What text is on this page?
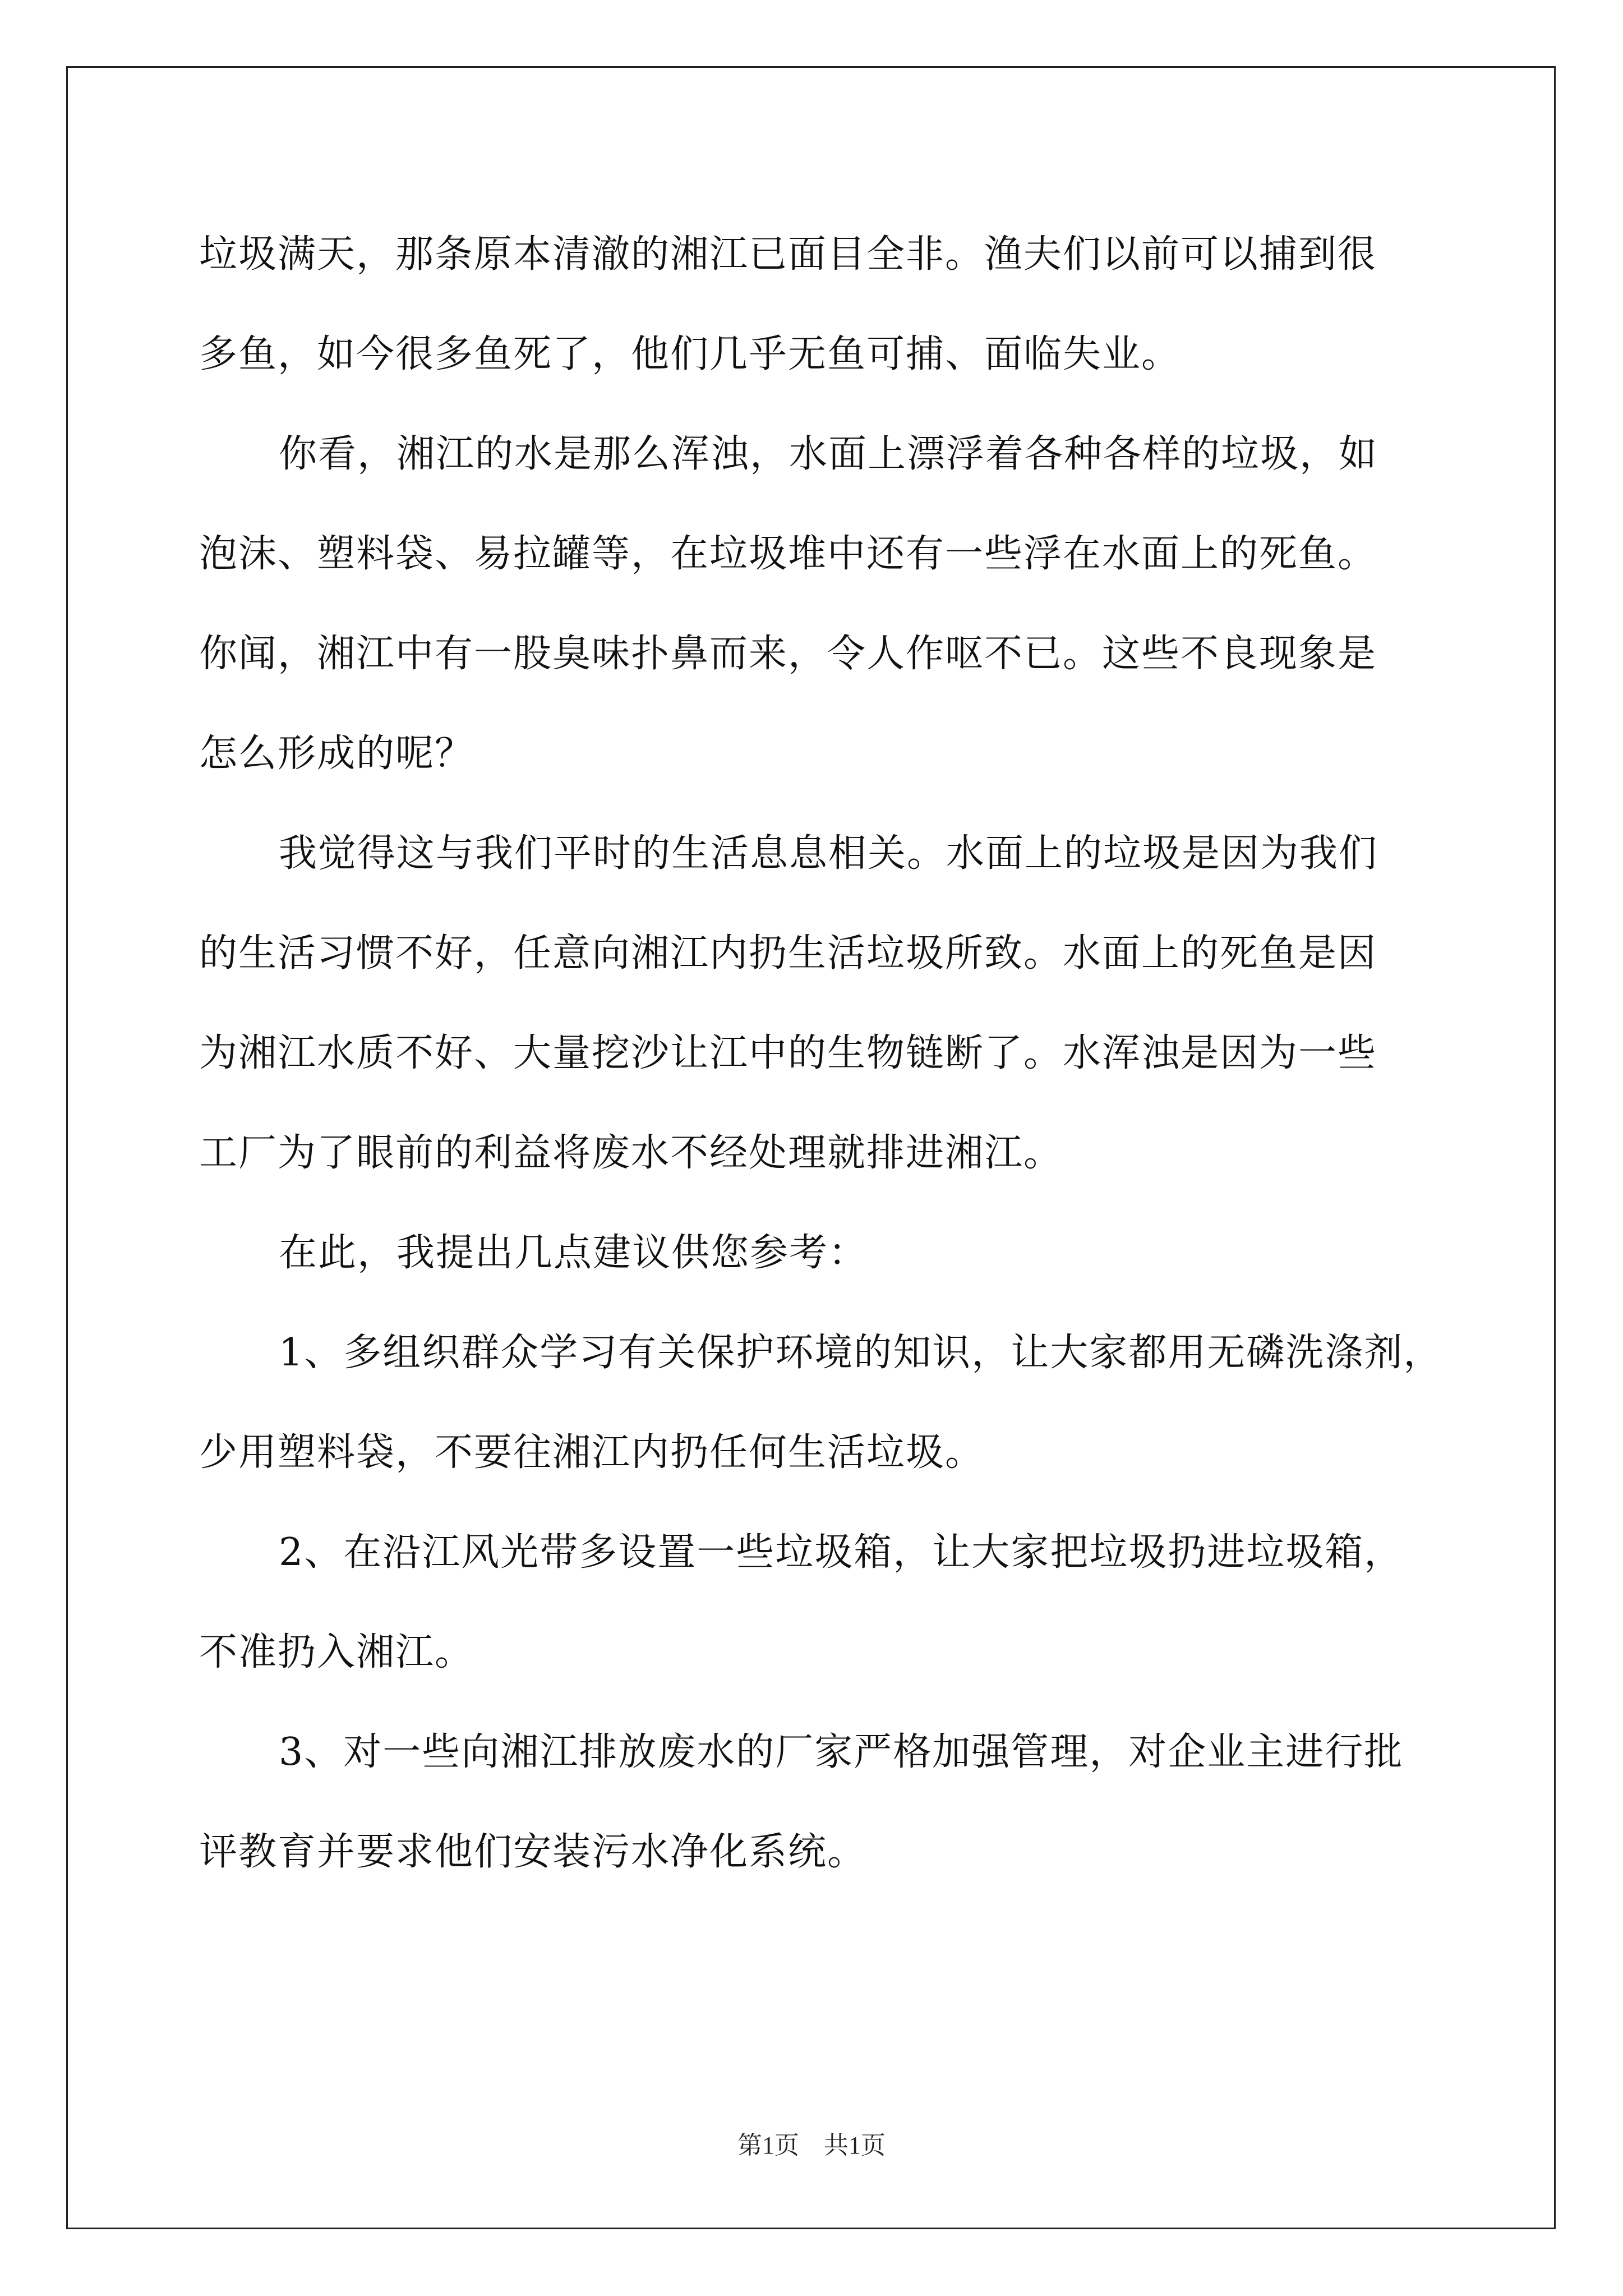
垃圾满天，那条原本清澈的湘江已面目全非。渔夫们以前可以捕到很
多鱼，如今很多鱼死了，他们几乎无鱼可捕、面临失业。
你看，湘江的水是那么浑浊，水面上漂浮着各种各样的垃圾，如
泡沫、塑料袋、易拉罐等，在垃圾堆中还有一些浮在水面上的死鱼。
你闻，湘江中有一股臭味扑鼻而来，令人作呕不已。这些不良现象是
怎么形成的呢？
我觉得这与我们平时的生活息息相关。水面上的垃圾是因为我们
的生活习惯不好，任意向湘江内扔生活垃圾所致。水面上的死鱼是因
为湘江水质不好、大量挖沙让江中的生物链断了。水浑浊是因为一些
工厂为了眼前的利益将废水不经处理就排进湘江。
在此，我提出几点建议供您参考：
1、多组织群众学习有关保护环境的知识，让大家都用无磷洗涤剂，
少用塑料袋，不要往湘江内扔任何生活垃圾。
2、在沿江风光带多设置一些垃圾箱，让大家把垃圾扔进垃圾箱，
不准扔入湘江。
3、对一些向湘江排放废水的厂家严格加强管理，对企业主进行批
评教育并要求他们安装污水净化系统。
第1页　共1页
